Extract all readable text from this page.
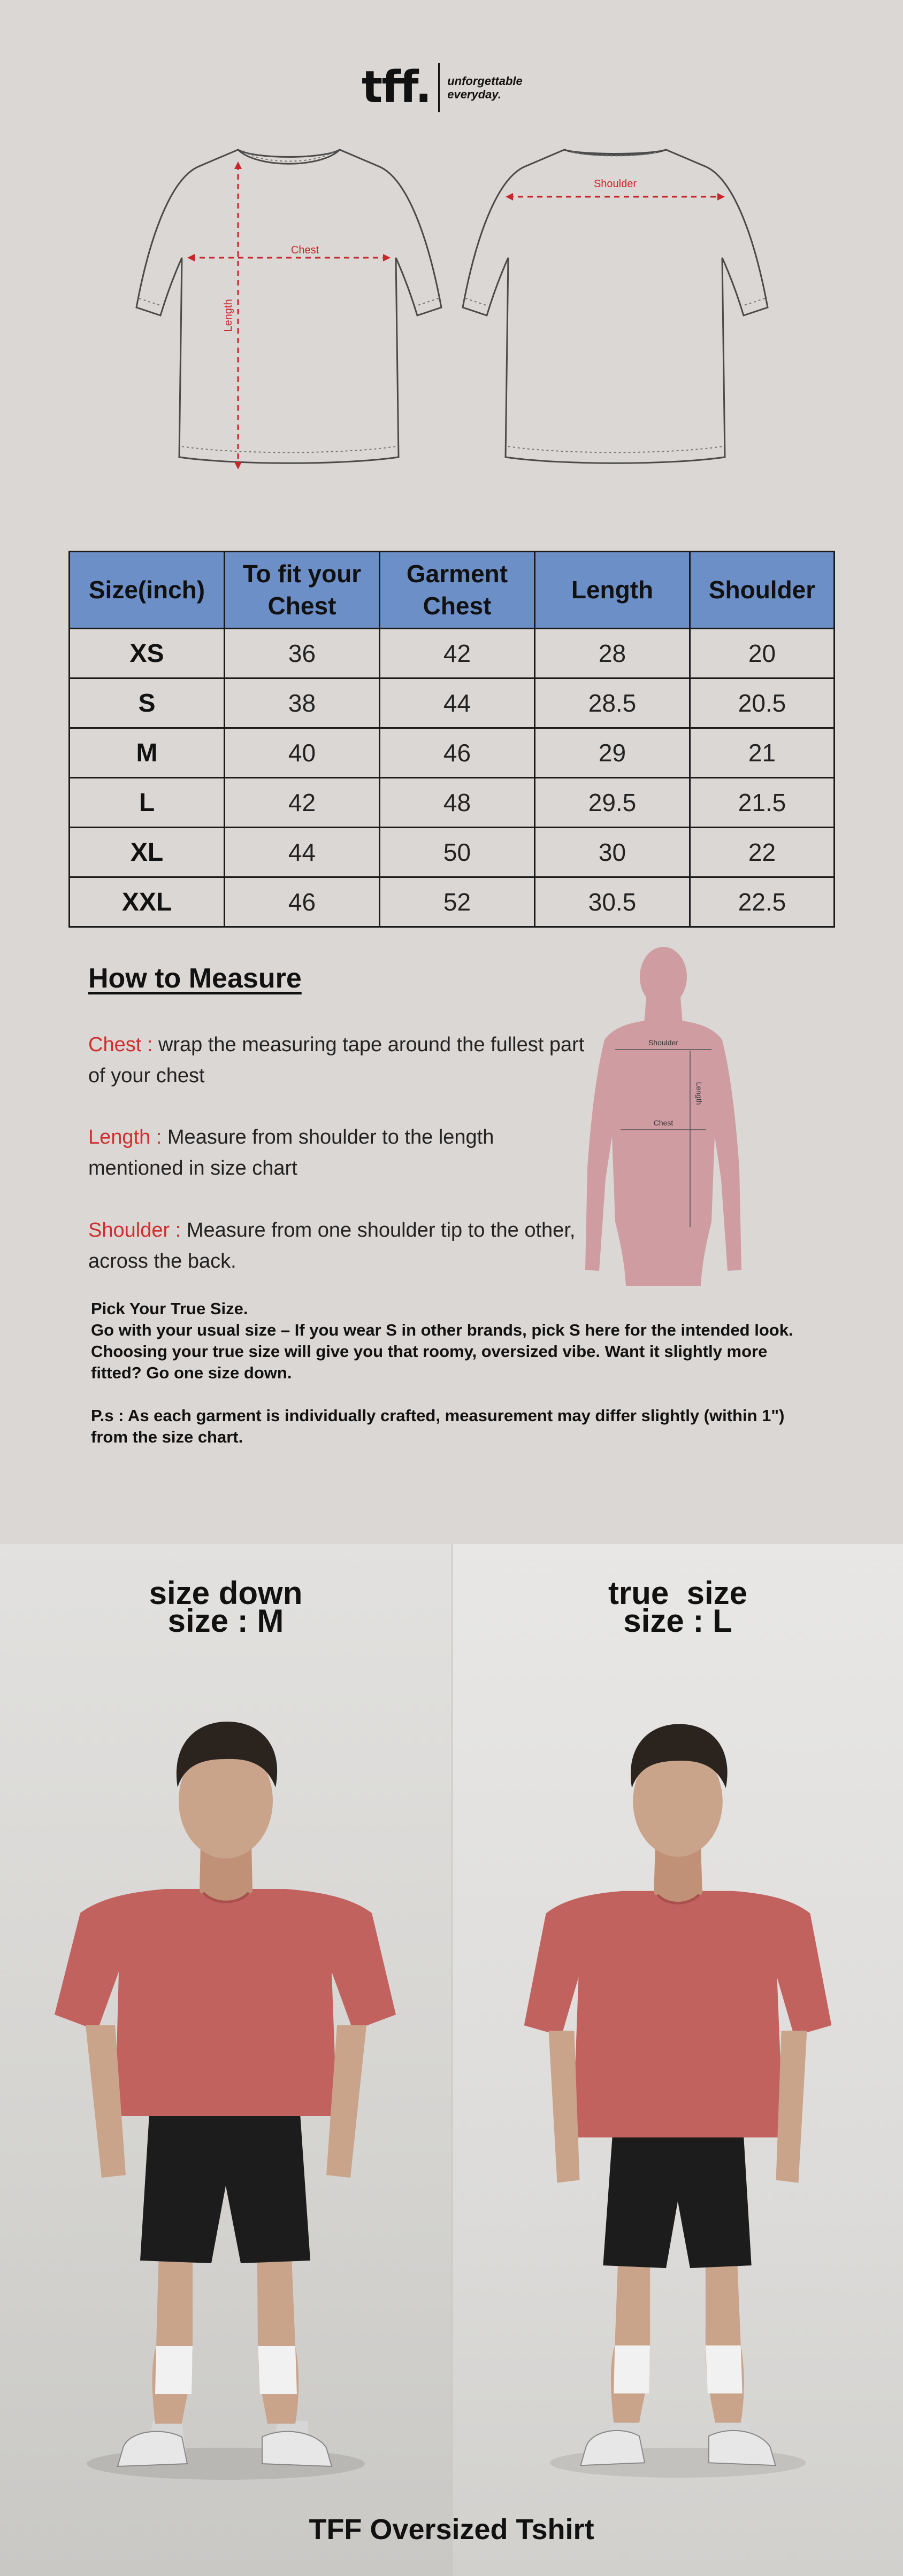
tff. unforgettable
everyday.
Chest
Length
Shoulder
Size(inch)	To fit your Chest	Garment Chest	Length	Shoulder
XS	36	42	28	20
S	38	44	28.5	20.5
M	40	46	29	21
L	42	48	29.5	21.5
XL	44	50	30	22
XXL	46	52	30.5	22.5
How to Measure
Chest : wrap the measuring tape around the fullest part of your chest
Length : Measure from shoulder to the length mentioned in size chart
Shoulder : Measure from one shoulder tip to the other, across the back.
Shoulder
Length
Chest

Pick Your True Size.

Go with your usual size – If you wear S in other brands, pick S here for the intended look.

Choosing your true size will give you that roomy, oversized vibe. Want it slightly more

fitted? Go one size down.

P.s : As each garment is individually crafted, measurement may differ slightly (within 1")

from the size chart.

size down
size : M
true  size
size : L
TFF Oversized Tshirt
